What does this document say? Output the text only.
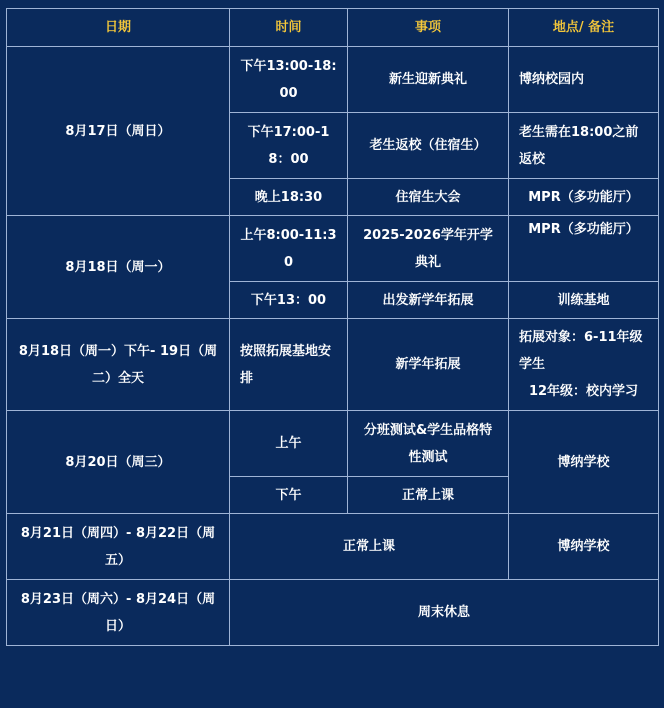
日期	时间	事项	地点/ 备注
8月17日（周日）	下午13:00-18:00	新生迎新典礼	博纳校园内
	下午17:00-18：00	老生返校（住宿生）	老生需在18:00之前返校
	晚上18:30	住宿生大会	MPR（多功能厅）
8月18日（周一）	上午8:00-11:30	2025-2026学年开学典礼	MPR（多功能厅）
	下午13：00	出发新学年拓展	训练基地
8月18日（周一）下午- 19日（周二）全天	按照拓展基地安排	新学年拓展	拓展对象：6-11年级学生
12年级：校内学习

8月20日（周三）	上午	分班测试&学生品格特性测试	博纳学校
	下午	正常上课	
8月21日（周四）- 8月22日（周五）	正常上课		博纳学校
8月23日（周六）- 8月24日（周日）	周末休息		
